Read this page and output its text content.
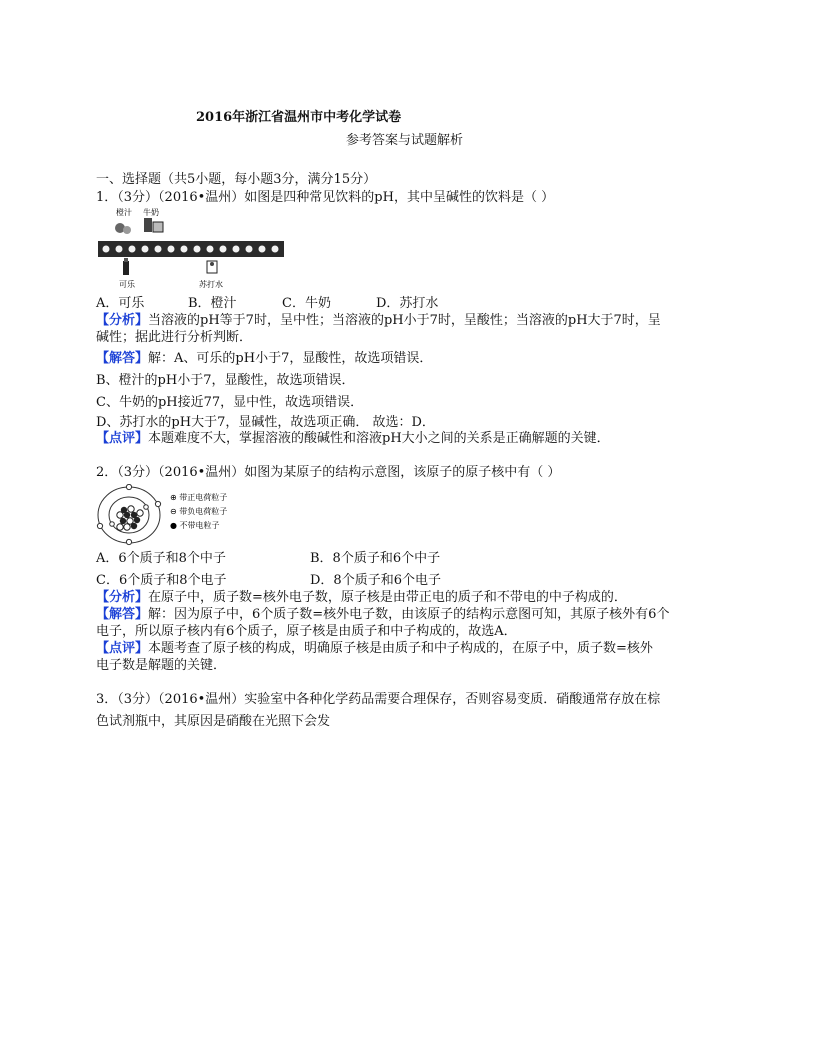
2016年浙江省温州市中考化学试卷
参考答案与试题解析
一、选择题（共5小题，每小题3分，满分15分）
1．（3分）（2016•温州）如图是四种常见饮料的pH，其中呈碱性的饮料是（ ）
橙汁 牛奶
可乐	苏打水
A．可乐	B．橙汁	C．牛奶	D．苏打水
【分析】当溶液的pH等于7时，呈中性；当溶液的pH小于7时，呈酸性；当溶液的pH大于7时，呈
碱性；据此进行分析判断．
【解答】解：A、可乐的pH小于7，显酸性，故选项错误．
B、橙汁的pH小于7，显酸性，故选项错误．
C、牛奶的pH接近77，显中性，故选项错误．
D、苏打水的pH大于7，显碱性，故选项正确． 故选：D．
【点评】本题难度不大，掌握溶液的酸碱性和溶液pH大小之间的关系是正确解题的关键．
2．（3分）（2016•温州）如图为某原子的结构示意图，该原子的原子核中有（ ）
⊕ 带正电荷粒子
⊖ 带负电荷粒子
● 不带电粒子
A．6个质子和8个中子	B．8个质子和6个中子
C．6个质子和8个电子	D．8个质子和6个电子
【分析】在原子中，质子数=核外电子数，原子核是由带正电的质子和不带电的中子构成的．
【解答】解：因为原子中，6个质子数=核外电子数，由该原子的结构示意图可知，其原子核外有6个
电子，所以原子核内有6个质子，原子核是由质子和中子构成的，故选A．
【点评】本题考查了原子核的构成，明确原子核是由质子和中子构成的，在原子中，质子数=核外
电子数是解题的关键．
3．（3分）（2016•温州）实验室中各种化学药品需要合理保存，否则容易变质．硝酸通常存放在棕
色试剂瓶中，其原因是硝酸在光照下会发
